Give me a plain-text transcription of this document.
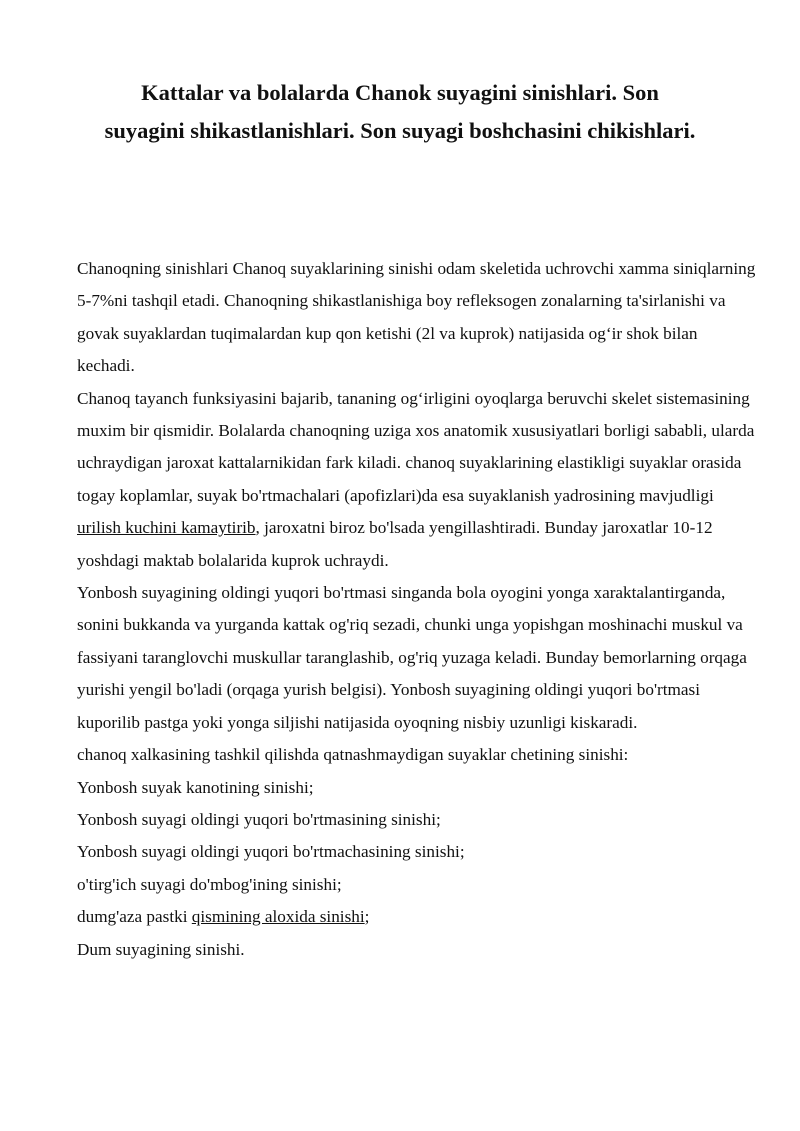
Kattalar va bolalarda Chanok suyagini sinishlari. Son
suyagini shikastlanishlari. Son suyagi boshchasini chikishlari.

Chanoqning sinishlari Chanoq suyaklarining sinishi odam skeletida uchrovchi xamma siniqlarning 5-7%ni tashqil etadi. Chanoqning shikastlanishiga boy refleksogen zonalarning ta'sirlanishi va govak suyaklardan tuqimalardan kup qon ketishi (2l va kuprok) natijasida og‘ir shok bilan kechadi.

Chanoq tayanch funksiyasini bajarib, tananing og‘irligini oyoqlarga beruvchi skelet sistemasining muxim bir qismidir. Bolalarda chanoqning uziga xos anatomik xususiyatlari borligi sababli, ularda uchraydigan jaroxat kattalarnikidan fark kiladi. chanoq suyaklarining elastikligi suyaklar orasida togay koplamlar, suyak bo'rtmachalari (apofizlari)da esa suyaklanish yadrosining mavjudligi urilish kuchini kamaytirib, jaroxatni biroz bo'lsada yengillashtiradi. Bunday jaroxatlar 10-12 yoshdagi maktab bolalarida kuprok uchraydi.

Yonbosh suyagining oldingi yuqori bo'rtmasi singanda bola oyogini yonga xaraktalantirganda, sonini bukkanda va yurganda kattak og'riq sezadi, chunki unga yopishgan moshinachi muskul va fassiyani taranglovchi muskullar taranglashib, og'riq yuzaga keladi. Bunday bemorlarning orqaga yurishi yengil bo'ladi (orqaga yurish belgisi). Yonbosh suyagining oldingi yuqori bo'rtmasi kuporilib pastga yoki yonga siljishi natijasida oyoqning nisbiy uzunligi kiskaradi.

chanoq xalkasining tashkil qilishda qatnashmaydigan suyaklar chetining sinishi:

Yonbosh suyak kanotining sinishi;

Yonbosh suyagi oldingi yuqori bo'rtmasining sinishi;

Yonbosh suyagi oldingi yuqori bo'rtmachasining sinishi;

o'tirg'ich suyagi do'mbog'ining sinishi;

dumg'aza pastki qismining aloxida sinishi;

Dum suyagining sinishi.
